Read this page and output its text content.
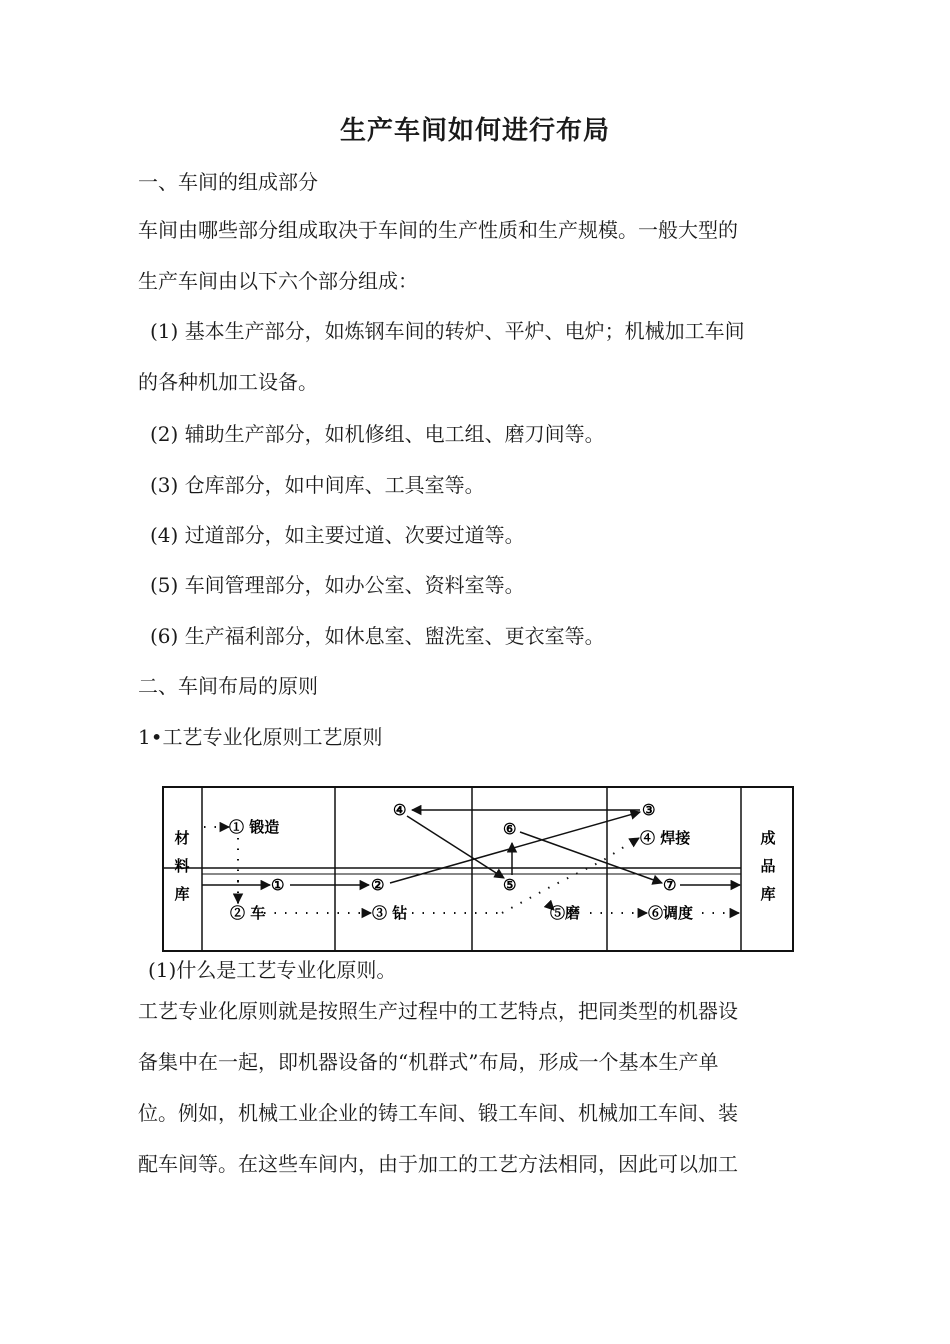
生产车间如何进行布局
一、车间的组成部分
车间由哪些部分组成取决于车间的生产性质和生产规模。一般大型的
生产车间由以下六个部分组成：
(1) 基本生产部分，如炼钢车间的转炉、平炉、电炉；机械加工车间
的各种机加工设备。
(2) 辅助生产部分，如机修组、电工组、磨刀间等。
(3) 仓库部分，如中间库、工具室等。
(4) 过道部分，如主要过道、次要过道等。
(5) 车间管理部分，如办公室、资料室等。
(6) 生产福利部分，如休息室、盥洗室、更衣室等。
二、车间布局的原则
1•工艺专业化原则工艺原则
材
料
库
成
品
库
① 锻造
①
② 车
②
③ 钻
④	③
⑥
⑤
⑤磨
④ 焊接
⑦
⑥调度
(1)什么是工艺专业化原则。
工艺专业化原则就是按照生产过程中的工艺特点，把同类型的机器设
备集中在一起，即机器设备的“机群式”布局，形成一个基本生产单
位。例如，机械工业企业的铸工车间、锻工车间、机械加工车间、装
配车间等。在这些车间内，由于加工的工艺方法相同，因此可以加工
